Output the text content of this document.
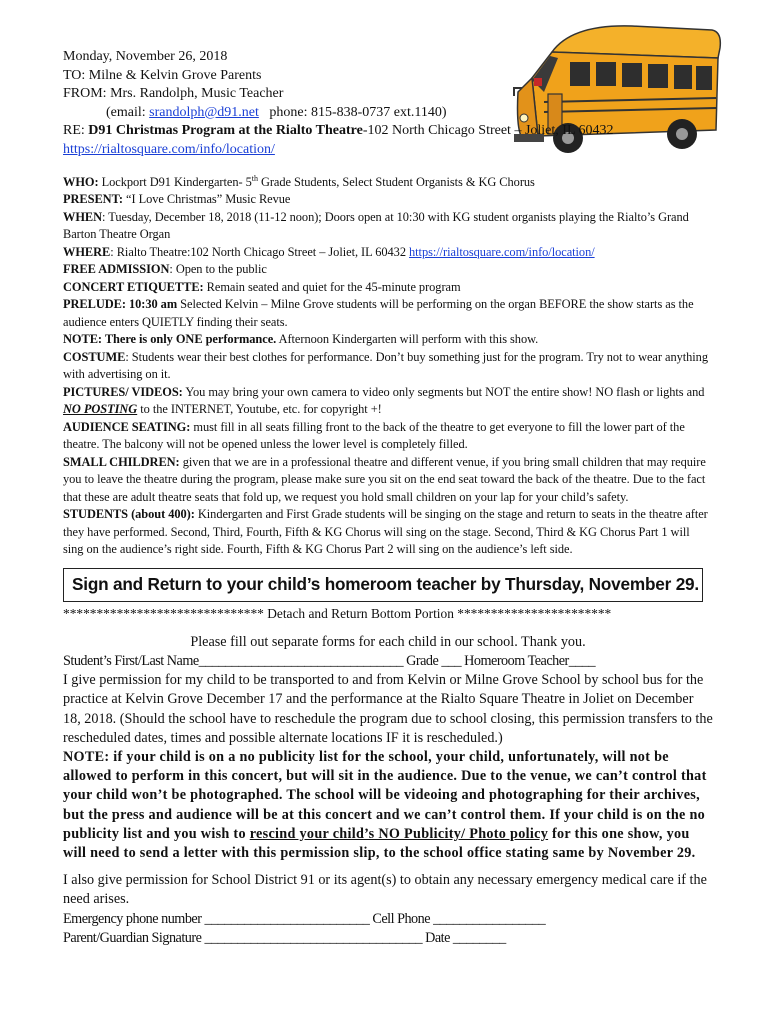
Monday, November 26, 2018
TO: Milne & Kelvin Grove Parents
FROM: Mrs. Randolph, Music Teacher
(email: srandolph@d91.net phone: 815-838-0737 ext.1140)
RE: D91 Christmas Program at the Rialto Theatre-102 North Chicago Street – Joliet, IL 60432 https://rialtosquare.com/info/location/

WHO: Lockport D91 Kindergarten- 5th Grade Students, Select Student Organists & KG Chorus

PRESENT: “I Love Christmas” Music Revue

WHEN: Tuesday, December 18, 2018 (11-12 noon); Doors open at 10:30 with KG student organists playing the Rialto’s Grand Barton Theatre Organ

WHERE: Rialto Theatre:102 North Chicago Street – Joliet, IL 60432 https://rialtosquare.com/info/location/

FREE ADMISSION: Open to the public

CONCERT ETIQUETTE: Remain seated and quiet for the 45-minute program

PRELUDE: 10:30 am Selected Kelvin – Milne Grove students will be performing on the organ BEFORE the show starts as the audience enters QUIETLY finding their seats.

NOTE: There is only ONE performance. Afternoon Kindergarten will perform with this show.

COSTUME: Students wear their best clothes for performance. Don’t buy something just for the program. Try not to wear anything with advertising on it.

PICTURES/ VIDEOS: You may bring your own camera to video only segments but NOT the entire show! NO flash or lights and NO POSTING to the INTERNET, Youtube, etc. for copyright +!

AUDIENCE SEATING: must fill in all seats filling front to the back of the theatre to get everyone to fill the lower part of the theatre. The balcony will not be opened unless the lower level is completely filled.

SMALL CHILDREN: given that we are in a professional theatre and different venue, if you bring small children that may require you to leave the theatre during the program, please make sure you sit on the end seat toward the back of the theatre. Due to the fact that these are adult theatre seats that fold up, we request you hold small children on your lap for your child’s safety.

STUDENTS (about 400): Kindergarten and First Grade students will be singing on the stage and return to seats in the theatre after they have performed. Second, Third, Fourth, Fifth & KG Chorus will sing on the stage. Second, Third & KG Chorus Part 1 will sing on the audience’s right side. Fourth, Fifth & KG Chorus Part 2 will sing on the audience’s left side.

Sign and Return to your child’s homeroom teacher by Thursday, November 29.
****************************** Detach and Return Bottom Portion ***********************

Please fill out separate forms for each child in our school. Thank you.

Student’s First/Last Name_______________________________ Grade ___ Homeroom Teacher____

I give permission for my child to be transported to and from Kelvin or Milne Grove School by school bus for the practice at Kelvin Grove December 17 and the performance at the Rialto Square Theatre in Joliet on December 18, 2018. (Should the school have to reschedule the program due to school closing, this permission transfers to the rescheduled dates, times and possible alternate locations IF it is rescheduled.)

NOTE: if your child is on a no publicity list for the school, your child, unfortunately, will not be allowed to perform in this concert, but will sit in the audience. Due to the venue, we can’t control that your child won’t be photographed. The school will be videoing and photographing for their archives, but the press and audience will be at this concert and we can’t control them. If your child is on the no publicity list and you wish to rescind your child’s NO Publicity/ Photo policy for this one show, you will need to send a letter with this permission slip, to the school office stating same by November 29.

I also give permission for School District 91 or its agent(s) to obtain any necessary emergency medical care if the need arises.

Emergency phone number _________________________ Cell Phone _________________

Parent/Guardian Signature _________________________________ Date ________
